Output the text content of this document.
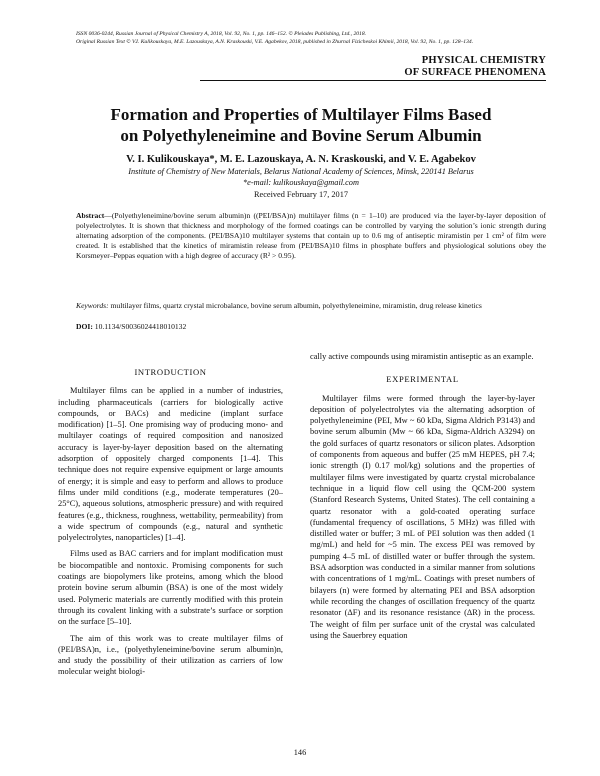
ISSN 0036-0244, Russian Journal of Physical Chemistry A, 2018, Vol. 92, No. 1, pp. 146–152. © Pleiades Publishing, Ltd., 2018.
Original Russian Text © V.I. Kulikouskaya, M.E. Lazouskaya, A.N. Kraskouski, V.E. Agabekov, 2018, published in Zhurnal Fizicheskoi Khimii, 2018, Vol. 92, No. 1, pp. 128–134.
PHYSICAL CHEMISTRY
OF SURFACE PHENOMENA
Formation and Properties of Multilayer Films Based
on Polyethyleneimine and Bovine Serum Albumin
V. I. Kulikouskaya*, M. E. Lazouskaya, A. N. Kraskouski, and V. E. Agabekov
Institute of Chemistry of New Materials, Belarus National Academy of Sciences, Minsk, 220141 Belarus
*e-mail: kulikouskaya@gmail.com
Received February 17, 2017
Abstract—(Polyethyleneimine/bovine serum albumin)n ((PEI/BSA)n) multilayer films (n = 1–10) are produced via the layer-by-layer deposition of polyelectrolytes. It is shown that thickness and morphology of the formed coatings can be controlled by varying the solution’s ionic strength during alternating adsorption of the components. (PEI/BSA)10 multilayer systems that contain up to 0.6 mg of antiseptic miramistin per 1 cm² of film were created. It is established that the kinetics of miramistin release from (PEI/BSA)10 films in phosphate buffers and physiological solutions obey the Korsmeyer–Peppas equation with a high degree of accuracy (R² > 0.95).
Keywords: multilayer films, quartz crystal microbalance, bovine serum albumin, polyethyleneimine, miramistin, drug release kinetics
DOI: 10.1134/S0036024418010132
INTRODUCTION

Multilayer films can be applied in a number of industries, including pharmaceuticals (carriers for biologically active compounds, or BACs) and medicine (implant surface modification) [1–5]. One promising way of producing mono- and multilayer coatings of required composition and nanosized accuracy is layer-by-layer deposition based on the alternating adsorption of oppositely charged components [1–4]. This technique does not require expensive equipment or large amounts of energy; it is simple and easy to perform and allows to produce films under mild conditions (e.g., moderate temperatures (20–25°C), aqueous solutions, atmospheric pressure) and with required features (e.g., thickness, roughness, wettability, permeability) from a wide spectrum of compounds (e.g., natural and synthetic polyelectrolytes, nanoparticles) [1–4].

Films used as BAC carriers and for implant modification must be biocompatible and nontoxic. Promising components for such coatings are biopolymers like proteins, among which the blood protein bovine serum albumin (BSA) is one of the most widely used. Polymeric materials are currently modified with this protein through its covalent linking with a substrate’s surface or sorption on the surface [5–10].

The aim of this work was to create multilayer films of (PEI/BSA)n, i.e., (polyethyleneimine/bovine serum albumin)n, and study the possibility of their utilization as carriers of low molecular weight biologi-

cally active compounds using miramistin antiseptic as an example.

EXPERIMENTAL

Multilayer films were formed through the layer-by-layer deposition of polyelectrolytes via the alternating adsorption of polyethyleneimine (PEI, Mw ~ 60 kDa, Sigma Aldrich P3143) and bovine serum albumin (Mw ~ 66 kDa, Sigma-Aldrich A3294) on the gold surfaces of quartz resonators or silicon plates. Adsorption of components from aqueous and buffer (25 mM HEPES, pH 7.4; ionic strength (I) 0.17 mol/kg) solutions and the properties of multilayer films were investigated by quartz crystal microbalance technique in a liquid flow cell using the QCM-200 system (Stanford Research Systems, United States). The cell containing a quartz resonator with a gold-coated operating surface (fundamental frequency of oscillations, 5 MHz) was filled with distilled water or buffer; 3 mL of PEI solution was then added (1 mg/mL) and held for ~5 min. The excess PEI was removed by pumping 4–5 mL of distilled water or buffer through the system. BSA adsorption was conducted in a similar manner from solutions with concentrations of 1 mg/mL. Coatings with preset numbers of bilayers (n) were formed by alternating PEI and BSA adsorption while recording the changes of oscillation frequency of the quartz resonator (ΔF) and its resonance resistance (ΔR) in the process. The weight of film per surface unit of the crystal was calculated using the Sauerbrey equation

146
